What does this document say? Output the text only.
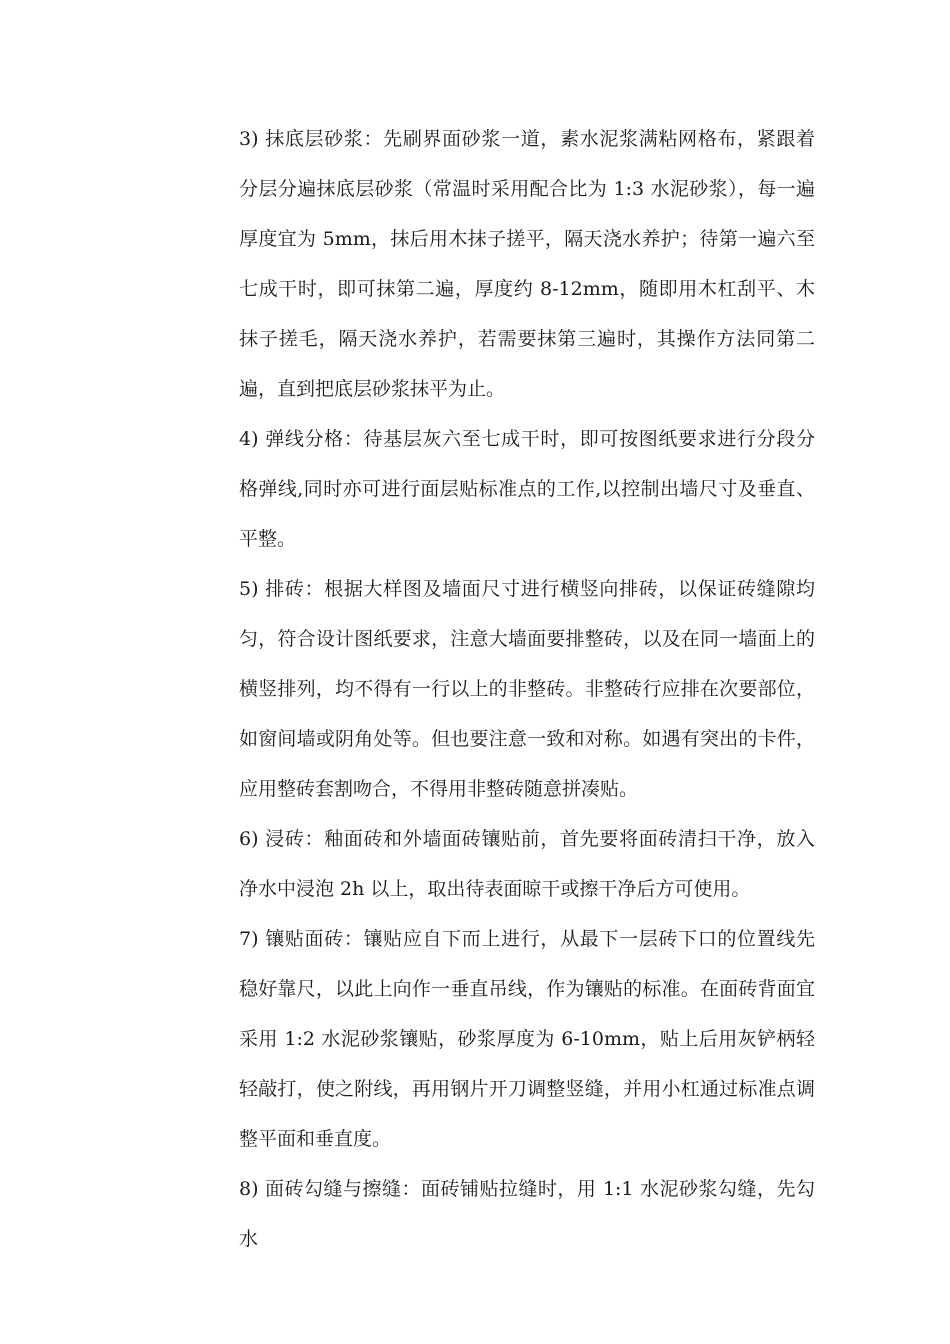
3) 抹底层砂浆：先刷界面砂浆一道，素水泥浆满粘网格布，紧跟着分层分遍抹底层砂浆（常温时采用配合比为 1:3 水泥砂浆），每一遍厚度宜为 5mm，抹后用木抹子搓平，隔天浇水养护；待第一遍六至七成干时，即可抹第二遍，厚度约 8-12mm，随即用木杠刮平、木抹子搓毛，隔天浇水养护，若需要抹第三遍时，其操作方法同第二遍，直到把底层砂浆抹平为止。

4) 弹线分格：待基层灰六至七成干时，即可按图纸要求进行分段分格弹线,同时亦可进行面层贴标准点的工作,以控制出墙尺寸及垂直、平整。

5) 排砖：根据大样图及墙面尺寸进行横竖向排砖，以保证砖缝隙均匀，符合设计图纸要求，注意大墙面要排整砖，以及在同一墙面上的横竖排列，均不得有一行以上的非整砖。非整砖行应排在次要部位，如窗间墙或阴角处等。但也要注意一致和对称。如遇有突出的卡件，应用整砖套割吻合，不得用非整砖随意拼凑贴。

6) 浸砖：釉面砖和外墙面砖镶贴前，首先要将面砖清扫干净，放入净水中浸泡 2h 以上，取出待表面晾干或擦干净后方可使用。

7) 镶贴面砖：镶贴应自下而上进行，从最下一层砖下口的位置线先稳好靠尺，以此上向作一垂直吊线，作为镶贴的标准。在面砖背面宜采用 1:2 水泥砂浆镶贴，砂浆厚度为 6-10mm，贴上后用灰铲柄轻轻敲打，使之附线，再用钢片开刀调整竖缝，并用小杠通过标准点调整平面和垂直度。

8) 面砖勾缝与擦缝：面砖铺贴拉缝时，用 1:1 水泥砂浆勾缝，先勾水
